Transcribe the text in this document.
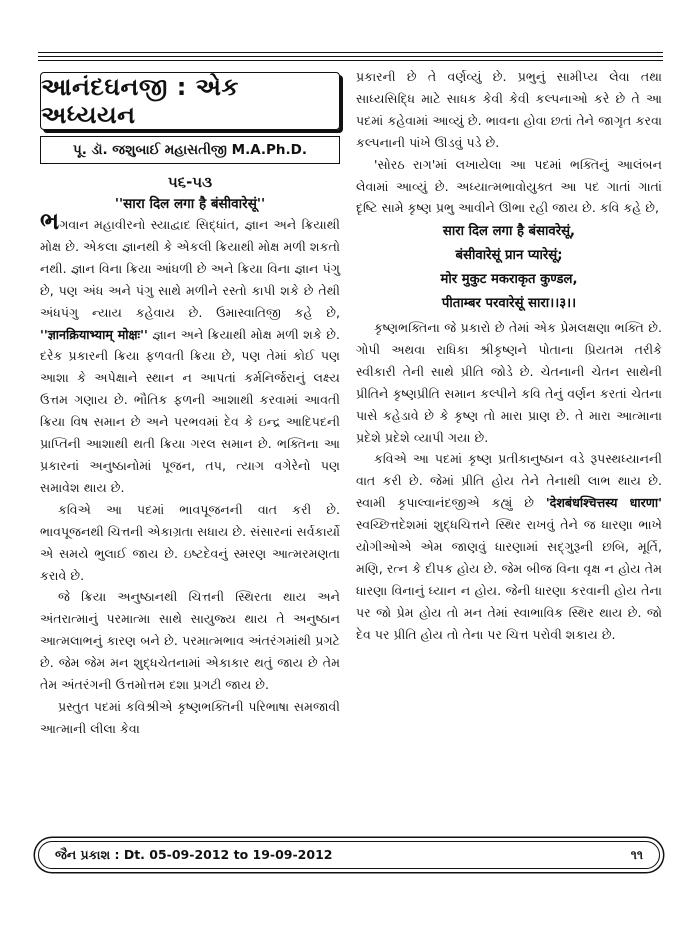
આનંદઘનજી : એક અધ્યયન
પૂ. ડૉ. જશુબાઈ મહાસતીજી M.A.Ph.D.
૫૬-૫૩
''सारा दिल लगा है बंसीवारेसूं''

ભગવાન મહાવીરનો સ્યાદ્વાદ સિદ્ધાંત, જ્ઞાન અને ક્રિયાથી મોક્ષ છે. એકલા જ્ઞાનથી કે એકલી ક્રિયાથી મોક્ષ મળી શકતો નથી. જ્ઞાન વિના ક્રિયા આંધળી છે અને ક્રિયા વિના જ્ઞાન પંગુ છે, પણ અંધ અને પંગુ સાથે મળીને રસ્તો કાપી શકે છે તેથી અંધપંગુ ન્યાય કહેવાય છે. ઉમાસ્વાતિજી કહે છે, ''ज्ञानक्रियाभ्याम् मोक्षः'' જ્ઞાન અને ક્રિયાથી મોક્ષ મળી શકે છે. દરેક પ્રકારની ક્રિયા ફળવતી ક્રિયા છે, પણ તેમાં કોઈ પણ આશા કે અપેક્ષાને સ્થાન ન આપતાં કર્મનિર્જરાનું લક્ષ્ય ઉત્તમ ગણાય છે. ભૌતિક ફળની આશાથી કરવામાં આવતી ક્રિયા વિષ સમાન છે અને પરભવમાં દેવ કે ઇન્દ્ર આદિપદની પ્રાપ્તિની આશાથી થતી ક્રિયા ગરલ સમાન છે. ભક્તિના આ પ્રકારનાં અનુષ્ઠાનોમાં પૂજન, તપ, ત્યાગ વગેરેનો પણ સમાવેશ થાય છે.

કવિએ આ પદમાં ભાવપૂજનની વાત કરી છે. ભાવપૂજનથી ચિત્તની એકાગ્રતા સધાય છે. સંસારનાં સર્વકાર્યો એ સમયે ભુલાઈ જાય છે. ઇષ્ટદેવનું સ્મરણ આત્મરમણતા કરાવે છે.

જે ક્રિયા અનુષ્ઠાનથી ચિત્તની સ્થિરતા થાય અને અંતરાત્માનું પરમાત્મા સાથે સાયુજ્ય થાય તે અનુષ્ઠાન આત્મલાભનું કારણ બને છે. પરમાત્મભાવ અંતરંગમાંથી પ્રગટે છે. જેમ જેમ મન શુદ્ધચેતનામાં એકાકાર થતું જાય છે તેમ તેમ અંતરંગની ઉત્તમોત્તમ દશા પ્રગટી જાય છે.

પ્રસ્તુત પદમાં કવિશ્રીએ કૃષ્ણભક્તિની પરિભાષા સમજાવી આત્માની લીલા કેવા

પ્રકારની છે તે વર્ણવ્યું છે. પ્રભુનું સામીપ્ય લેવા તથા સાધ્યસિદ્ધિ માટે સાધક કેવી કેવી કલ્પનાઓ કરે છે તે આ પદમાં કહેવામાં આવ્યું છે. ભાવના હોવા છતાં તેને જાગૃત કરવા કલ્પનાની પાંખે ઊડવું પડે છે.

'સોરઠ રાગ'માં લખાયેલા આ પદમાં ભક્તિનું આલંબન લેવામાં આવ્યું છે. અધ્યાત્મભાવોયુક્ત આ પદ ગાતાં ગાતાં દૃષ્ટિ સામે કૃષ્ણ પ્રભુ આવીને ઊભા રહી જાય છે. કવિ કહે છે,

सारा दिल लगा है बंसावरेसूं,
बंसीवारेसूं प्रान प्यारेसूं;
मोर मुकुट मकराकृत कुण्डल,
पीताम्बर परवारेसूं सारा।।३।।

કૃષ્ણભક્તિના જે પ્રકારો છે તેમાં એક પ્રેમલક્ષણા ભક્તિ છે. ગોપી અથવા રાધિકા શ્રીકૃષ્ણને પોતાના પ્રિયતમ તરીકે સ્વીકારી તેની સાથે પ્રીતિ જોડે છે. ચેતનાની ચેતન સાથેની પ્રીતિને કૃષ્ણપ્રીતિ સમાન કલ્પીને કવિ તેનું વર્ણન કરતાં ચેતના પાસે કહેડાવે છે કે કૃષ્ણ તો મારા પ્રાણ છે. તે મારા આત્માના પ્રદેશે પ્રદેશે વ્યાપી ગયા છે.

કવિએ આ પદમાં કૃષ્ણ પ્રતીકાનુષ્ઠાન વડે રૂપસ્થધ્યાનની વાત કરી છે. જેમાં પ્રીતિ હોય તેને તેનાથી લાભ થાય છે. સ્વામી કૃપાલ્વાનંદજીએ કહ્યું છે 'देशबंधश्चित्तस्य धारणा' સ્વચ્છિત્તદેશમાં શુદ્ધચિત્તને સ્થિર રાખવું તેને જ ધારણા ભાખે યોગીઓએ એમ જાણવું ધારણામાં સદ્ગુરૂની છબિ, મૂર્તિ, મણિ, રત્ન કે દીપક હોય છે. જેમ બીજ વિના વૃક્ષ ન હોય તેમ ધારણા વિનાનું ધ્યાન ન હોય. જેની ધારણા કરવાની હોય તેના પર જો પ્રેમ હોય તો મન તેમાં સ્વાભાવિક સ્થિર થાય છે. જો દેવ પર પ્રીતિ હોય તો તેના પર ચિત્ત પરોવી શકાય છે.

જૈન પ્રકાશ : Dt. 05-09-2012 to 19-09-2012	૧૧
